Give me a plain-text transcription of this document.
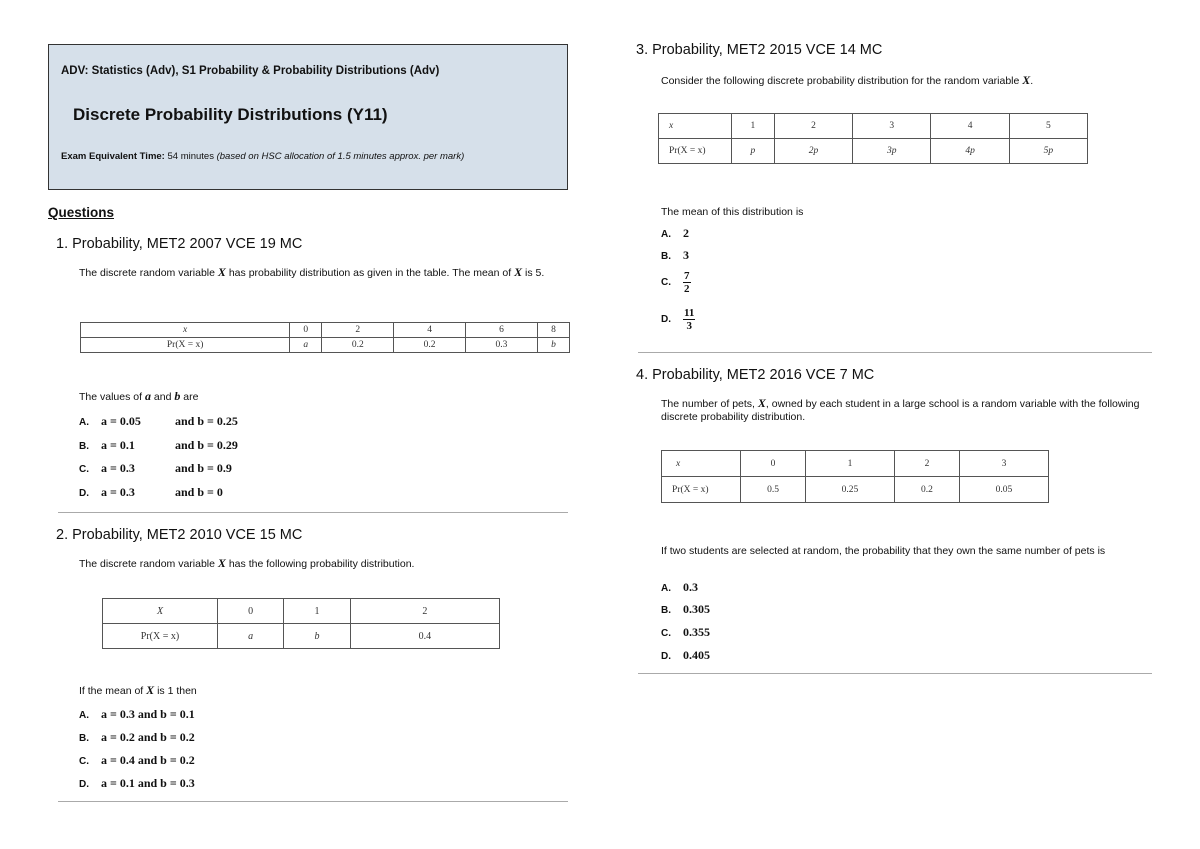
ADV: Statistics (Adv), S1 Probability & Probability Distributions (Adv)
Discrete Probability Distributions (Y11)
Exam Equivalent Time: 54 minutes (based on HSC allocation of 1.5 minutes approx. per mark)
Questions
1. Probability, MET2 2007 VCE 19 MC
The discrete random variable X has probability distribution as given in the table. The mean of X is 5.
x	0	2	4	6	8
Pr(X = x)	a	0.2	0.2	0.3	b
The values of a and b are
A. a = 0.05	and b = 0.25
B. a = 0.1	and b = 0.29
C. a = 0.3	and b = 0.9
D. a = 0.3	and b = 0
2. Probability, MET2 2010 VCE 15 MC
The discrete random variable X has the following probability distribution.
X	0	1	2
Pr(X = x)	a	b	0.4
If the mean of X is 1 then
A. a = 0.3 and b = 0.1
B. a = 0.2 and b = 0.2
C. a = 0.4 and b = 0.2
D. a = 0.1 and b = 0.3
3. Probability, MET2 2015 VCE 14 MC
Consider the following discrete probability distribution for the random variable X.
x	1	2	3	4	5
Pr(X = x)	p	2p	3p	4p	5p
The mean of this distribution is
A. 2
B. 3
C. $\frac{7}{2}$
D. $\frac{11}{3}$
4. Probability, MET2 2016 VCE 7 MC
The number of pets, X, owned by each student in a large school is a random variable with the following discrete probability distribution.
x	0	1	2	3
Pr(X = x)	0.5	0.25	0.2	0.05
If two students are selected at random, the probability that they own the same number of pets is
A. 0.3
B. 0.305
C. 0.355
D. 0.405
